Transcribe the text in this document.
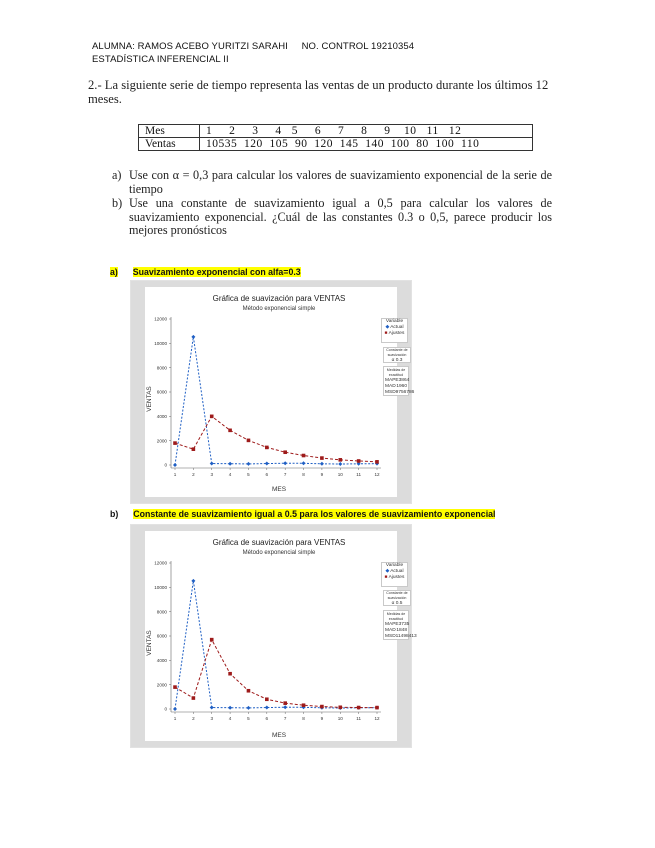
ALUMNA: RAMOS ACEBO YURITZI SARAHI     NO. CONTROL 19210354
ESTADÍSTICA INFERENCIAL II
2.- La siguiente serie de tiempo representa las ventas de un producto durante los últimos 12 meses.
Mes	1     2     3     4   5     6     7     8     9    10   11   12
Ventas	10535  120  105  90  120  145  140  100  80  100  110
a) Use con α = 0,3 para calcular los valores de suavizamiento exponencial de la serie de tiempo
b) Use una constante de suavizamiento igual a 0,5 para calcular los valores de suavizamiento exponencial. ¿Cuál de las constantes 0.3 o 0,5, parece producir los mejores pronósticos
a) Suavizamiento exponencial con alfa=0.3
Gráfica de suavización para VENTAS
Método exponencial simple
MES
VENTAS
0
2000
4000
6000
8000
10000
12000
1	2	3	4	5	6	7	8	9	10	11	12
Variable
◆ Actual
■ Ajustes
Constante de suavización
α 0.3
Medidas de exactitud
MAPE 3864
MAD 1960
MSD 9756786
b) Constante de suavizamiento igual a 0.5 para los valores de suavizamiento exponencial
Gráfica de suavización para VENTAS
Método exponencial simple
MES
VENTAS
0
2000
4000
6000
8000
10000
12000
1	2	3	4	5	6	7	8	9	10	11	12
Variable
◆ Actual
■ Ajustes
Constante de suavización
α 0.5
Medidas de exactitud
MAPE 3735
MAD 1848
MSD 11498413
